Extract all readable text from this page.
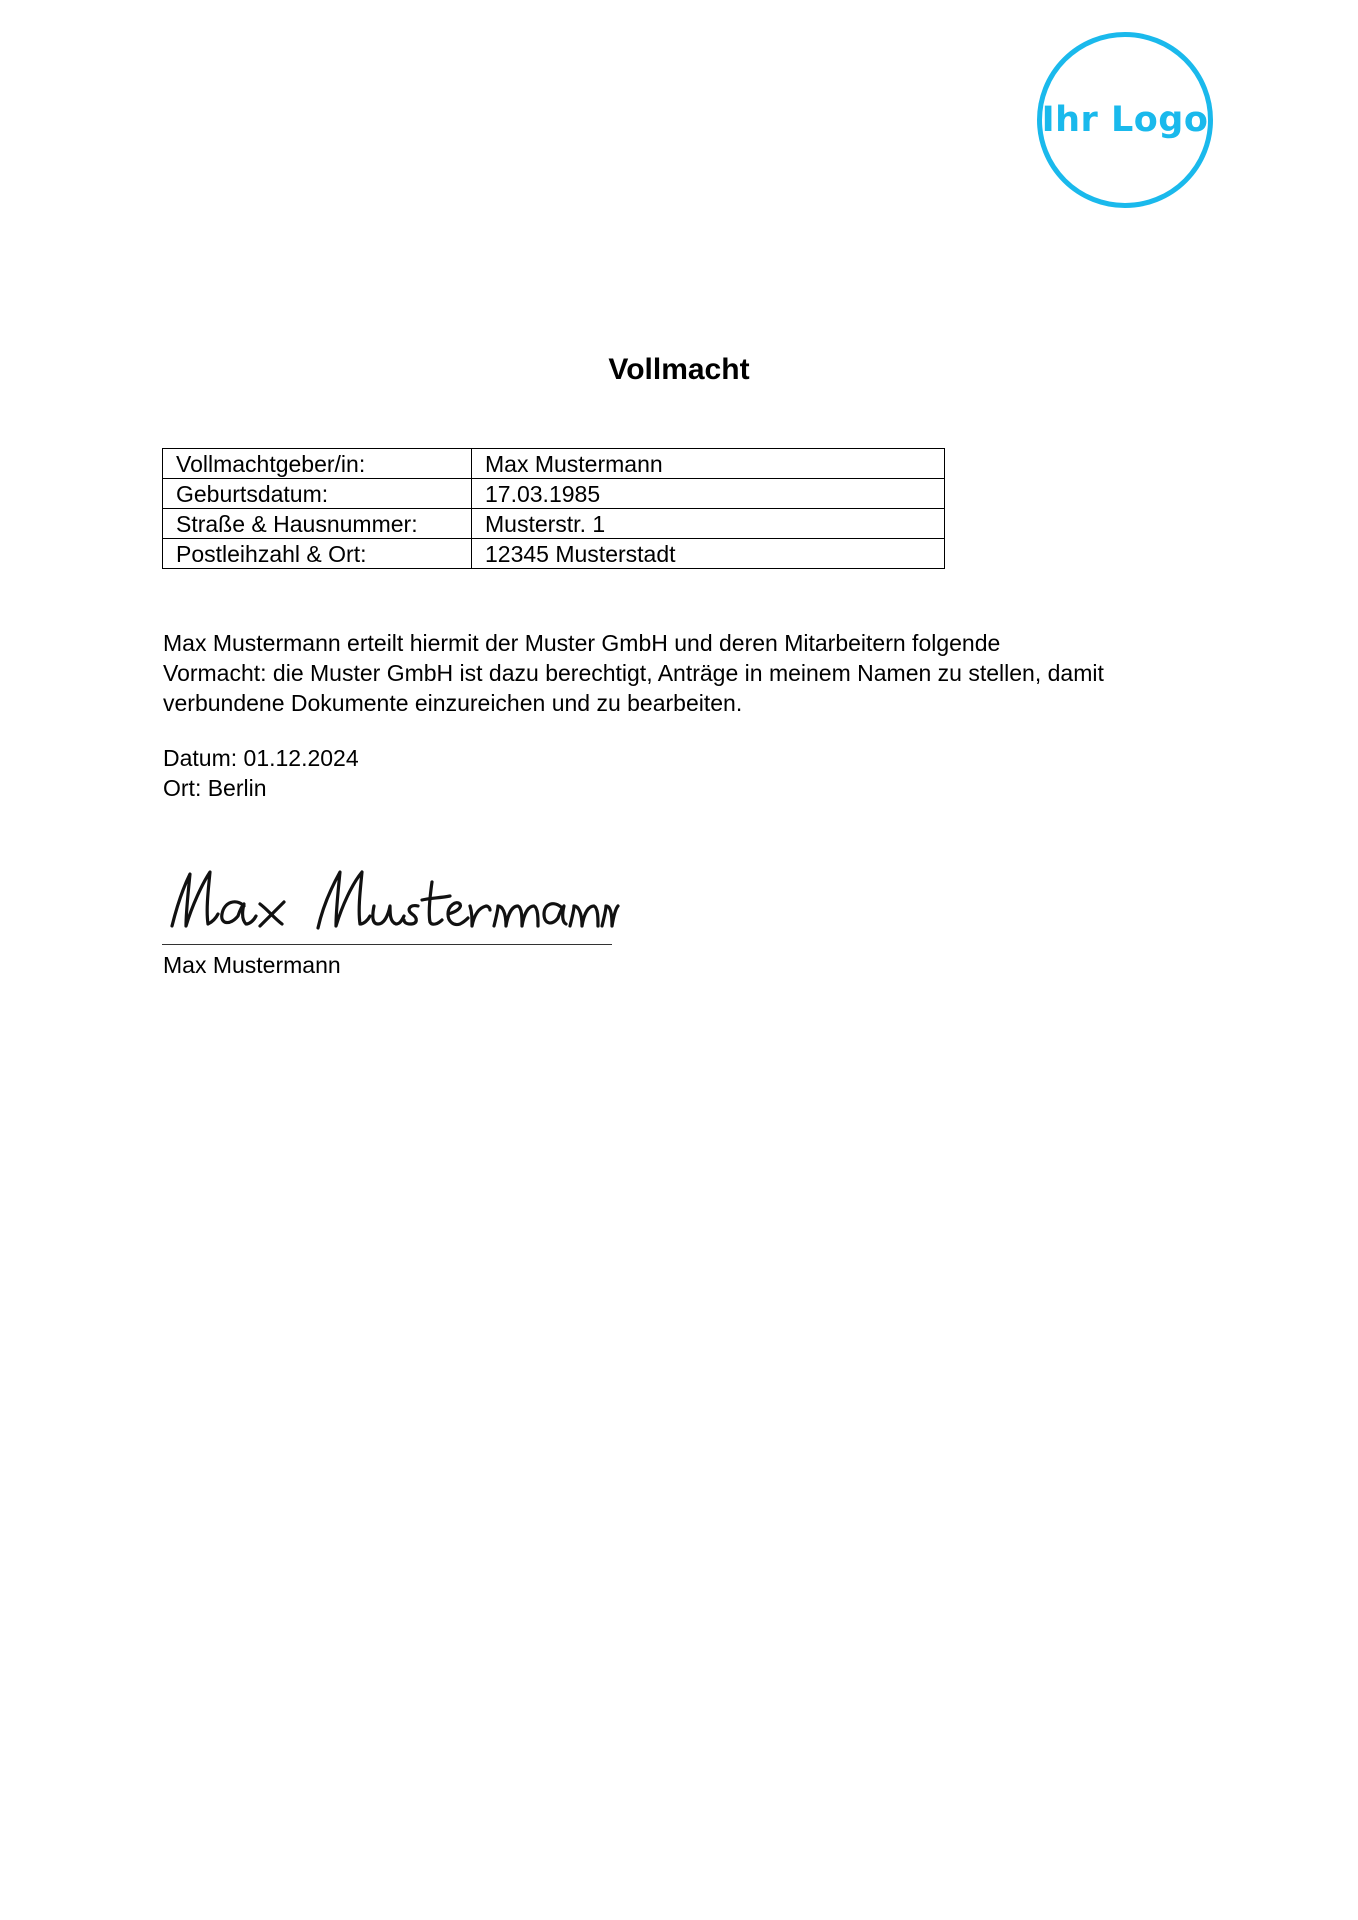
Ihr Logo
Vollmacht
Vollmachtgeber/in:	Max Mustermann
Geburtsdatum:	17.03.1985
Straße & Hausnummer:	Musterstr. 1
Postleihzahl & Ort:	12345 Musterstadt
Max Mustermann erteilt hiermit der Muster GmbH und deren Mitarbeitern folgende
Vormacht: die Muster GmbH ist dazu berechtigt, Anträge in meinem Namen zu stellen, damit
verbundene Dokumente einzureichen und zu bearbeiten.
Datum: 01.12.2024
Ort: Berlin
Max Mustermann
